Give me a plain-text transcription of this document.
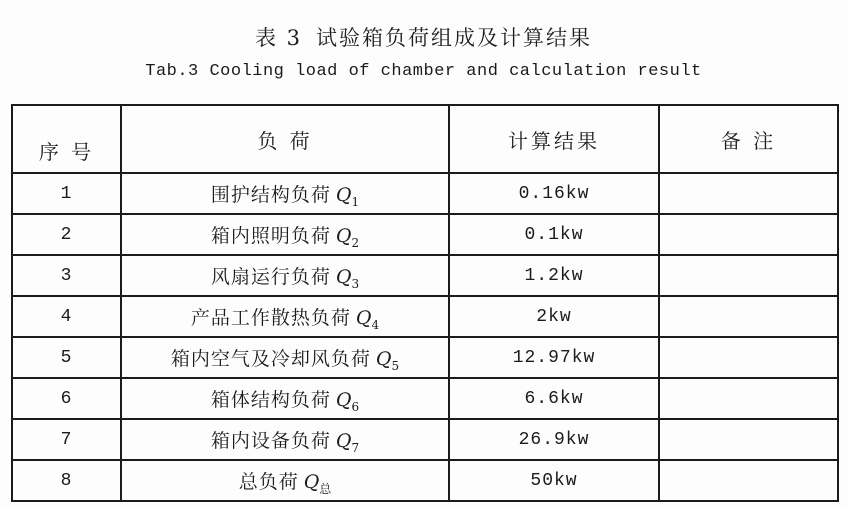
表 3 试验箱负荷组成及计算结果
Tab.3 Cooling load of chamber and calculation result
序 号	负 荷	计算结果	备 注
1	围护结构负荷 $Q_1$	0.16kw	
2	箱内照明负荷 $Q_2$	0.1kw	
3	风扇运行负荷 $Q_3$	1.2kw	
4	产品工作散热负荷 $Q_4$	2kw	
5	箱内空气及冷却风负荷 $Q_5$	12.97kw	
6	箱体结构负荷 $Q_6$	6.6kw	
7	箱内设备负荷 $Q_7$	26.9kw	
8	总负荷 $Q_总$	50kw	
